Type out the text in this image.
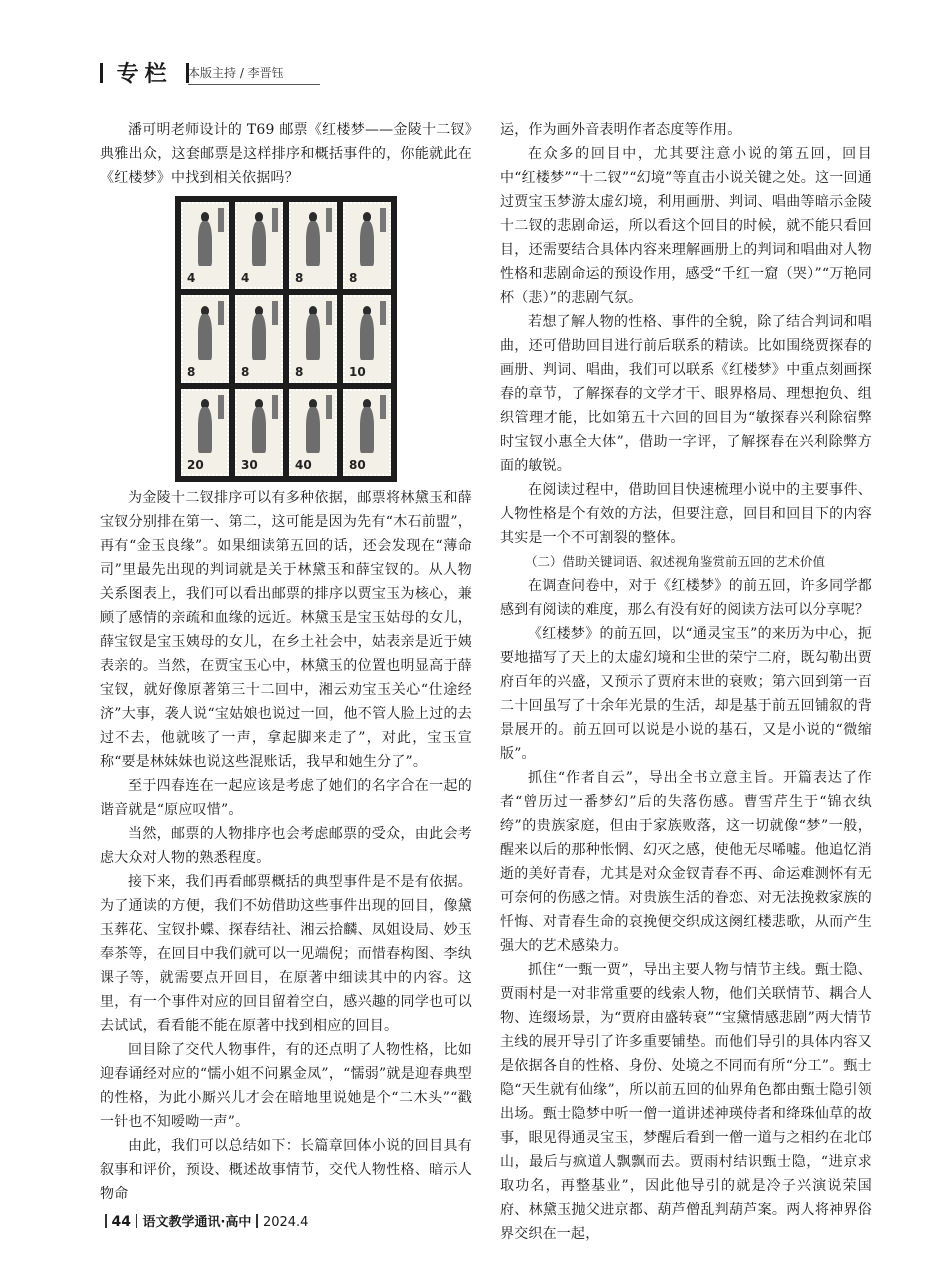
专栏	本版主持 / 李晋钰

潘可明老师设计的 T69 邮票《红楼梦——金陵十二钗》典雅出众，这套邮票是这样排序和概括事件的，你能就此在《红楼梦》中找到相关依据吗？

4	4	8	8
8	8	8	10
20	30	40	80

为金陵十二钗排序可以有多种依据，邮票将林黛玉和薛宝钗分别排在第一、第二，这可能是因为先有“木石前盟”，再有“金玉良缘”。如果细读第五回的话，还会发现在“薄命司”里最先出现的判词就是关于林黛玉和薛宝钗的。从人物关系图表上，我们可以看出邮票的排序以贾宝玉为核心，兼顾了感情的亲疏和血缘的远近。林黛玉是宝玉姑母的女儿，薛宝钗是宝玉姨母的女儿，在乡土社会中，姑表亲是近于姨表亲的。当然，在贾宝玉心中，林黛玉的位置也明显高于薛宝钗，就好像原著第三十二回中，湘云劝宝玉关心“仕途经济”大事，袭人说“宝姑娘也说过一回，他不管人脸上过的去过不去，他就咳了一声，拿起脚来走了”，对此，宝玉宣称“要是林妹妹也说这些混账话，我早和她生分了”。

至于四春连在一起应该是考虑了她们的名字合在一起的谐音就是“原应叹惜”。

当然，邮票的人物排序也会考虑邮票的受众，由此会考虑大众对人物的熟悉程度。

接下来，我们再看邮票概括的典型事件是不是有依据。为了通读的方便，我们不妨借助这些事件出现的回目，像黛玉葬花、宝钗扑蝶、探春结社、湘云拾麟、凤姐设局、妙玉奉茶等，在回目中我们就可以一见端倪；而惜春构图、李纨课子等，就需要点开回目，在原著中细读其中的内容。这里，有一个事件对应的回目留着空白，感兴趣的同学也可以去试试，看看能不能在原著中找到相应的回目。

回目除了交代人物事件，有的还点明了人物性格，比如迎春诵经对应的“懦小姐不问累金凤”，“懦弱”就是迎春典型的性格，为此小厮兴儿才会在暗地里说她是个“二木头”“戳一针也不知嗳呦一声”。

由此，我们可以总结如下：长篇章回体小说的回目具有叙事和评价，预设、概述故事情节，交代人物性格、暗示人物命

运，作为画外音表明作者态度等作用。

在众多的回目中，尤其要注意小说的第五回，回目中“红楼梦”“十二钗”“幻境”等直击小说关键之处。这一回通过贾宝玉梦游太虚幻境，利用画册、判词、唱曲等暗示金陵十二钗的悲剧命运，所以看这个回目的时候，就不能只看回目，还需要结合具体内容来理解画册上的判词和唱曲对人物性格和悲剧命运的预设作用，感受“千红一窟（哭）”“万艳同杯（悲）”的悲剧气氛。

若想了解人物的性格、事件的全貌，除了结合判词和唱曲，还可借助回目进行前后联系的精读。比如围绕贾探春的画册、判词、唱曲，我们可以联系《红楼梦》中重点刻画探春的章节，了解探春的文学才干、眼界格局、理想抱负、组织管理才能，比如第五十六回的回目为“敏探春兴利除宿弊　时宝钗小惠全大体”，借助一字评，了解探春在兴利除弊方面的敏锐。

在阅读过程中，借助回目快速梳理小说中的主要事件、人物性格是个有效的方法，但要注意，回目和回目下的内容其实是一个不可割裂的整体。

（二）借助关键词语、叙述视角鉴赏前五回的艺术价值

在调查问卷中，对于《红楼梦》的前五回，许多同学都感到有阅读的难度，那么有没有好的阅读方法可以分享呢？

《红楼梦》的前五回，以“通灵宝玉”的来历为中心，扼要地描写了天上的太虚幻境和尘世的荣宁二府，既勾勒出贾府百年的兴盛，又预示了贾府末世的衰败；第六回到第一百二十回虽写了十余年光景的生活，却是基于前五回铺叙的背景展开的。前五回可以说是小说的基石，又是小说的“微缩版”。

抓住“作者自云”，导出全书立意主旨。开篇表达了作者“曾历过一番梦幻”后的失落伤感。曹雪芹生于“锦衣纨绔”的贵族家庭，但由于家族败落，这一切就像“梦”一般，醒来以后的那种怅惘、幻灭之感，使他无尽唏嘘。他追忆消逝的美好青春，尤其是对众金钗青春不再、命运难测怀有无可奈何的伤感之情。对贵族生活的眷恋、对无法挽救家族的忏悔、对青春生命的哀挽便交织成这阕红楼悲歌，从而产生强大的艺术感染力。

抓住“一甄一贾”，导出主要人物与情节主线。甄士隐、贾雨村是一对非常重要的线索人物，他们关联情节、耦合人物、连缀场景，为“贾府由盛转衰”“宝黛情感悲剧”两大情节主线的展开导引了许多重要铺垫。而他们导引的具体内容又是依据各自的性格、身份、处境之不同而有所“分工”。甄士隐“天生就有仙缘”，所以前五回的仙界角色都由甄士隐引领出场。甄士隐梦中听一僧一道讲述神瑛侍者和绛珠仙草的故事，眼见得通灵宝玉，梦醒后看到一僧一道与之相约在北邙山，最后与疯道人飘飘而去。贾雨村结识甄士隐，“进京求取功名，再整基业”，因此他导引的就是冷子兴演说荣国府、林黛玉抛父进京都、葫芦僧乱判葫芦案。两人将神界俗界交织在一起，

44 语文教学通讯·高中 2024.4
